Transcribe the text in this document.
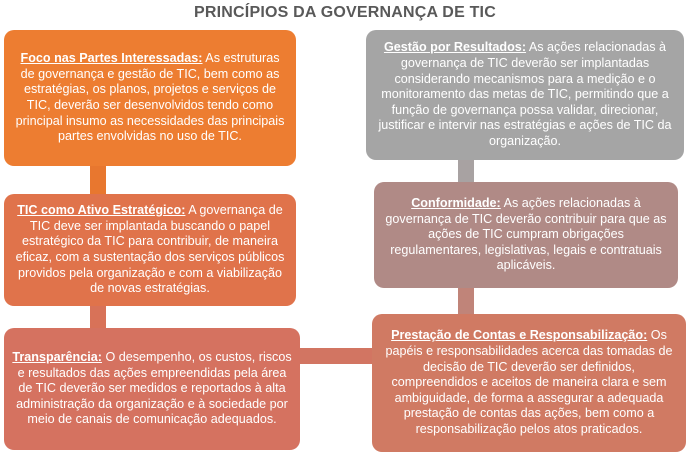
PRINCÍPIOS DA GOVERNANÇA DE TIC
Foco nas Partes Interessadas: As estruturas de governança e gestão de TIC, bem como as estratégias, os planos, projetos e serviços de TIC, deverão ser desenvolvidos tendo como principal insumo as necessidades das principais partes envolvidas no uso de TIC.
TIC como Ativo Estratégico: A governança de TIC deve ser implantada buscando o papel estratégico da TIC para contribuir, de maneira eficaz, com a sustentação dos serviços públicos providos pela organização e com a viabilização de novas estratégias.
Transparência: O desempenho, os custos, riscos e resultados das ações empreendidas pela área de TIC deverão ser medidos e reportados à alta administração da organização e à sociedade por meio de canais de comunicação adequados.
Gestão por Resultados: As ações relacionadas à governança de TIC deverão ser implantadas considerando mecanismos para a medição e o monitoramento das metas de TIC, permitindo que a função de governança possa validar, direcionar, justificar e intervir nas estratégias e ações de TIC da organização.
Conformidade: As ações relacionadas à governança de TIC deverão contribuir para que as ações de TIC cumpram obrigações regulamentares, legislativas, legais e contratuais aplicáveis.
Prestação de Contas e Responsabilização: Os papéis e responsabilidades acerca das tomadas de decisão de TIC deverão ser definidos, compreendidos e aceitos de maneira clara e sem ambiguidade, de forma a assegurar a adequada prestação de contas das ações, bem como a responsabilização pelos atos praticados.
